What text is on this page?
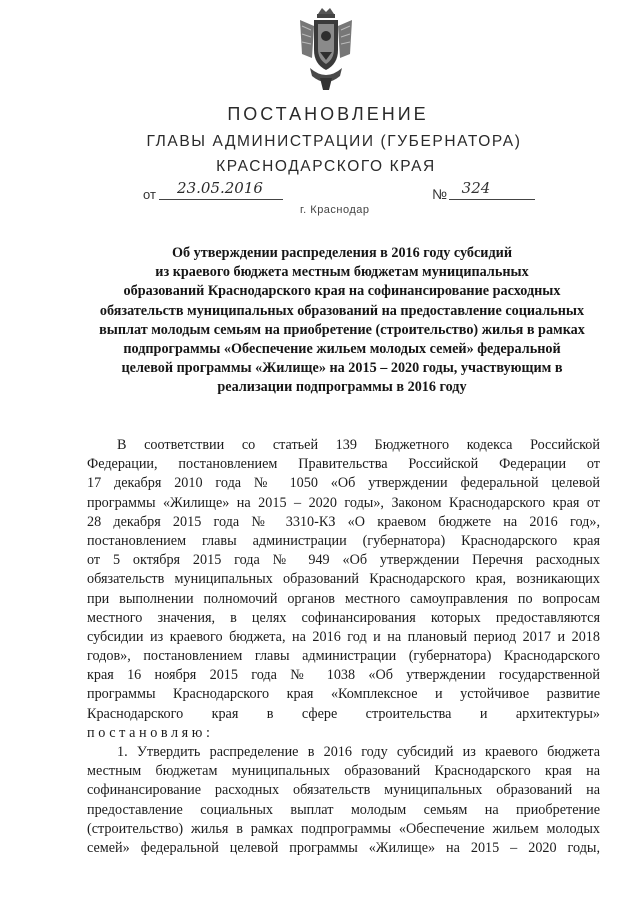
ПОСТАНОВЛЕНИЕ
ГЛАВЫ АДМИНИСТРАЦИИ (ГУБЕРНАТОРА)
КРАСНОДАРСКОГО КРАЯ
от	23.05.2016	№ 324
г. Краснодар
Об утверждении распределения в 2016 году субсидий
из краевого бюджета местным бюджетам муниципальных
образований Краснодарского края на софинансирование расходных
обязательств муниципальных образований на предоставление социальных
выплат молодым семьям на приобретение (строительство) жилья в рамках
подпрограммы «Обеспечение жильем молодых семей» федеральной
целевой программы «Жилище» на 2015 – 2020 годы, участвующим в
реализации подпрограммы в 2016 году
В соответствии со статьей 139 Бюджетного кодекса Российской
Федерации, постановлением Правительства Российской Федерации от
17 декабря 2010 года № 1050 «Об утверждении федеральной целевой
программы «Жилище» на 2015 – 2020 годы», Законом Краснодарского края от
28 декабря 2015 года № 3310-КЗ «О краевом бюджете на 2016 год»,
постановлением главы администрации (губернатора) Краснодарского края
от 5 октября 2015 года № 949 «Об утверждении Перечня расходных
обязательств муниципальных образований Краснодарского края, возникающих
при выполнении полномочий органов местного самоуправления по вопросам
местного значения, в целях софинансирования которых предоставляются
субсидии из краевого бюджета, на 2016 год и на плановый период 2017 и 2018
годов», постановлением главы администрации (губернатора) Краснодарского
края 16 ноября 2015 года № 1038 «Об утверждении государственной
программы Краснодарского края «Комплексное и устойчивое развитие
Краснодарского края в сфере строительства и архитектуры»
постановляю:
1. Утвердить распределение в 2016 году субсидий из краевого бюджета
местным бюджетам муниципальных образований Краснодарского края на
софинансирование расходных обязательств муниципальных образований на
предоставление социальных выплат молодым семьям на приобретение
(строительство) жилья в рамках подпрограммы «Обеспечение жильем молодых
семей» федеральной целевой программы «Жилище» на 2015 – 2020 годы,
